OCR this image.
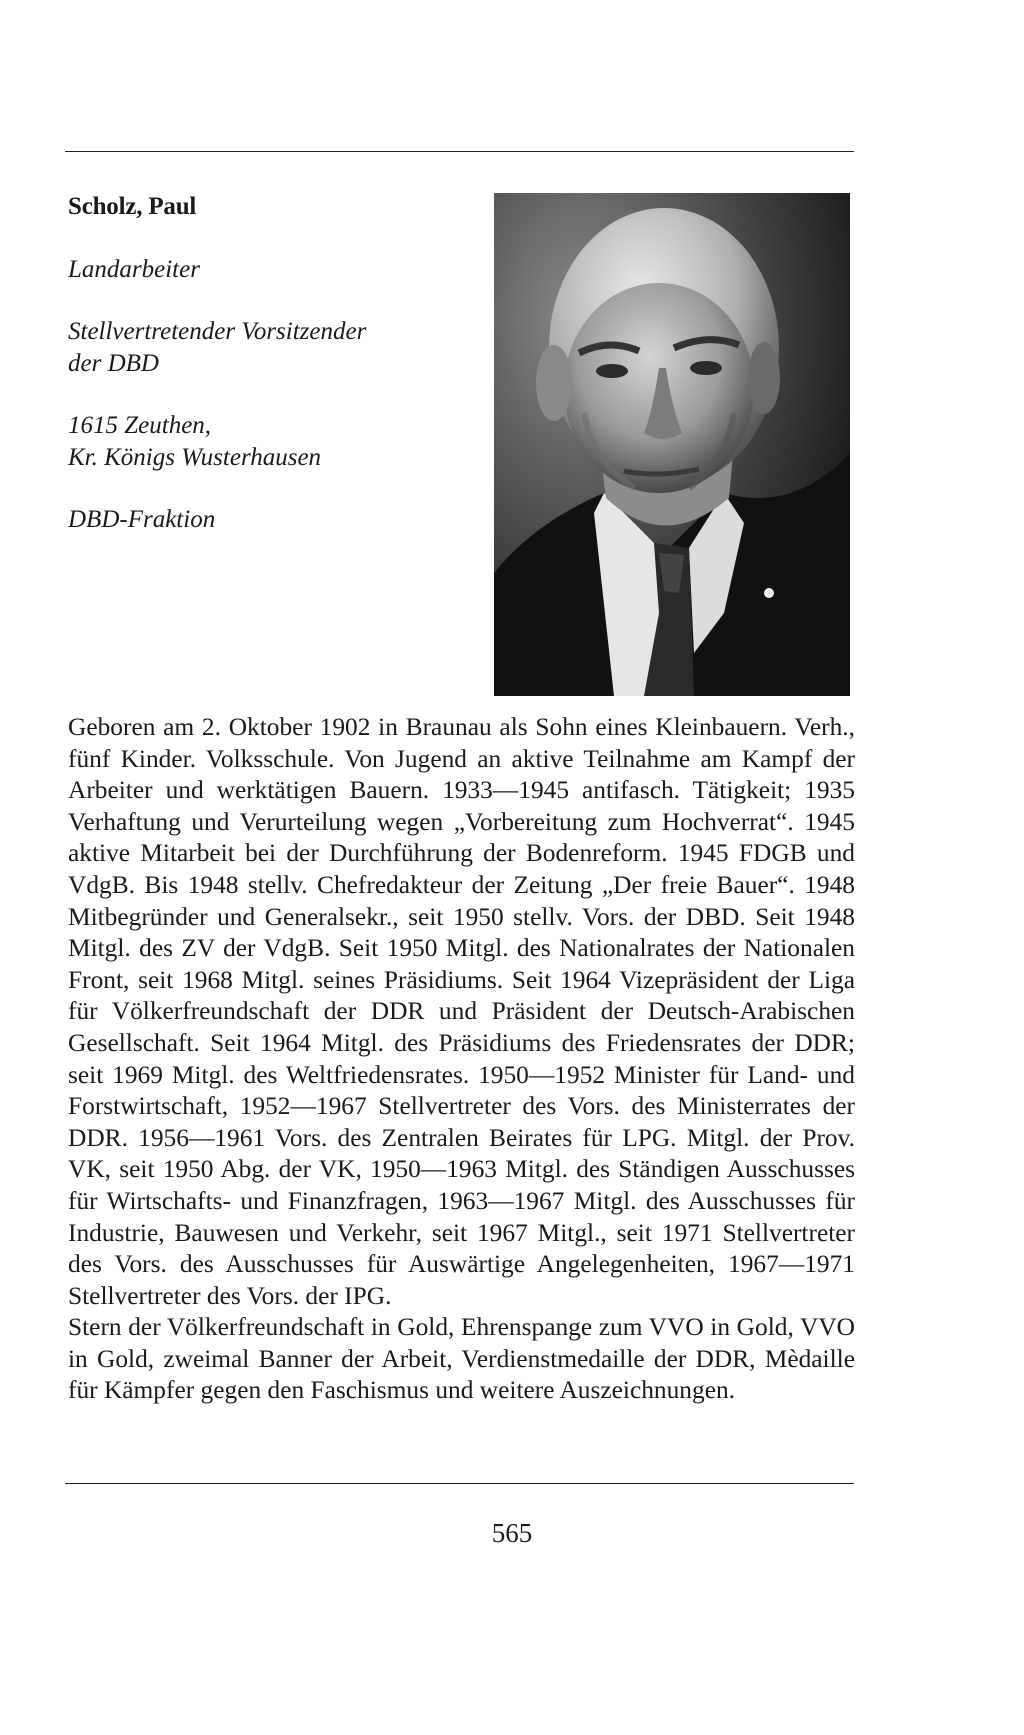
Scholz, Paul
Landarbeiter
Stellvertretender Vorsitzender
der DBD
1615 Zeuthen,
Kr. Königs Wusterhausen
DBD-Fraktion

Geboren am 2. Oktober 1902 in Braunau als Sohn eines Kleinbauern. Verh., fünf Kinder. Volksschule. Von Jugend an aktive Teilnahme am Kampf der Arbeiter und werktätigen Bauern. 1933—1945 antifasch. Tätigkeit; 1935 Verhaftung und Verurteilung wegen „Vorbereitung zum Hochverrat“. 1945 aktive Mitarbeit bei der Durchführung der Bodenreform. 1945 FDGB und VdgB. Bis 1948 stellv. Chefredakteur der Zeitung „Der freie Bauer“. 1948 Mitbegründer und Generalsekr., seit 1950 stellv. Vors. der DBD. Seit 1948 Mitgl. des ZV der VdgB. Seit 1950 Mitgl. des Nationalrates der Nationalen Front, seit 1968 Mitgl. seines Präsidiums. Seit 1964 Vizepräsident der Liga für Völkerfreundschaft der DDR und Präsident der Deutsch-Arabischen Gesellschaft. Seit 1964 Mitgl. des Präsidiums des Friedensrates der DDR; seit 1969 Mitgl. des Weltfriedensrates. 1950—1952 Minister für Land- und Forstwirtschaft, 1952—1967 Stellvertreter des Vors. des Ministerrates der DDR. 1956—1961 Vors. des Zentralen Beirates für LPG. Mitgl. der Prov. VK, seit 1950 Abg. der VK, 1950—1963 Mitgl. des Ständigen Ausschusses für Wirtschafts- und Finanzfragen, 1963—1967 Mitgl. des Ausschusses für Industrie, Bauwesen und Verkehr, seit 1967 Mitgl., seit 1971 Stellvertreter des Vors. des Ausschusses für Auswärtige Angelegenheiten, 1967—1971 Stellvertreter des Vors. der IPG.

Stern der Völkerfreundschaft in Gold, Ehrenspange zum VVO in Gold, VVO in Gold, zweimal Banner der Arbeit, Verdienstmedaille der DDR, Mèdaille für Kämpfer gegen den Faschismus und weitere Auszeichnungen.

565
